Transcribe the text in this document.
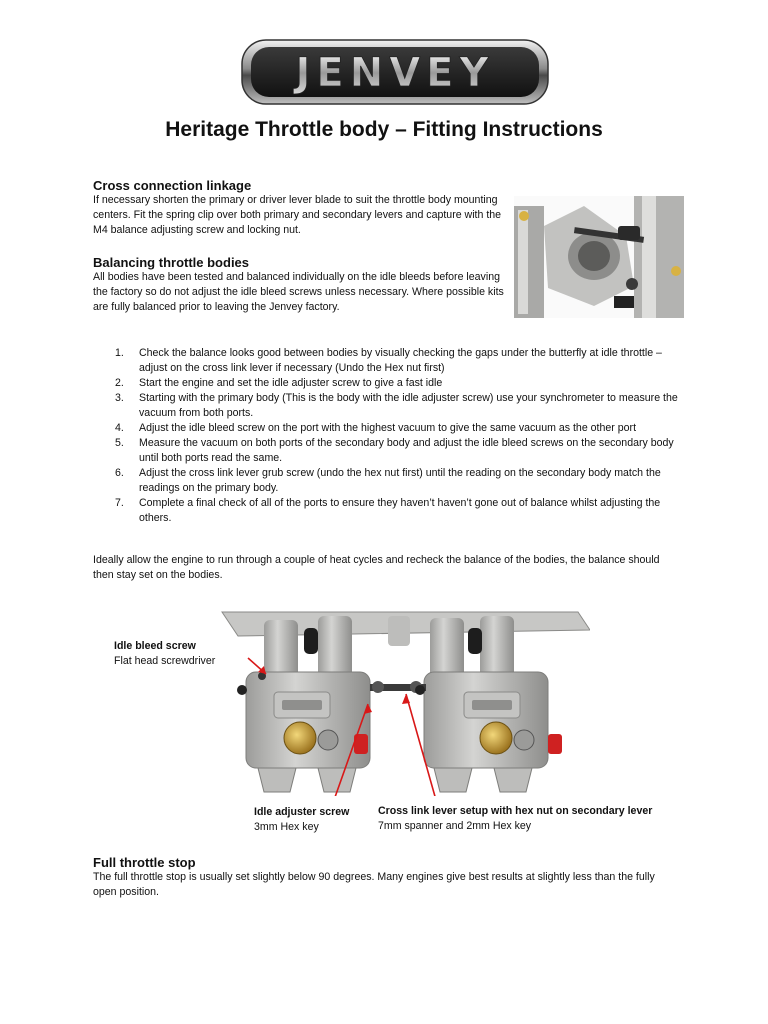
JENVEY
Heritage Throttle body – Fitting Instructions

Cross connection linkage

If necessary shorten the primary or driver lever blade to suit the throttle body mounting centers. Fit the spring clip over both primary and secondary levers and capture with the M4 balance adjusting screw and locking nut.

Balancing throttle bodies

All bodies have been tested and balanced individually on the idle bleeds before leaving the factory so do not adjust the idle bleed screws unless necessary. Where possible kits are fully balanced prior to leaving the Jenvey factory.

1. Check the balance looks good between bodies by visually checking the gaps under the butterfly at idle throttle – adjust on the cross link lever if necessary (Undo the Hex nut first)
2. Start the engine and set the idle adjuster screw to give a fast idle
3. Starting with the primary body (This is the body with the idle adjuster screw) use your synchrometer to measure the vacuum from both ports.
4. Adjust the idle bleed screw on the port with the highest vacuum to give the same vacuum as the other port
5. Measure the vacuum on both ports of the secondary body and adjust the idle bleed screws on the secondary body until both ports read the same.
6. Adjust the cross link lever grub screw (undo the hex nut first) until the reading on the secondary body match the readings on the primary body.
7. Complete a final check of all of the ports to ensure they haven’t haven’t gone out of balance whilst adjusting the others.

Ideally allow the engine to run through a couple of heat cycles and recheck the balance of the bodies, the balance should then stay set on the bodies.

Idle bleed screw
Flat head screwdriver
Idle adjuster screw
3mm Hex key
Cross link lever setup with hex nut on secondary lever
7mm spanner and 2mm Hex key

Full throttle stop

The full throttle stop is usually set slightly below 90 degrees. Many engines give best results at slightly less than the fully open position.
